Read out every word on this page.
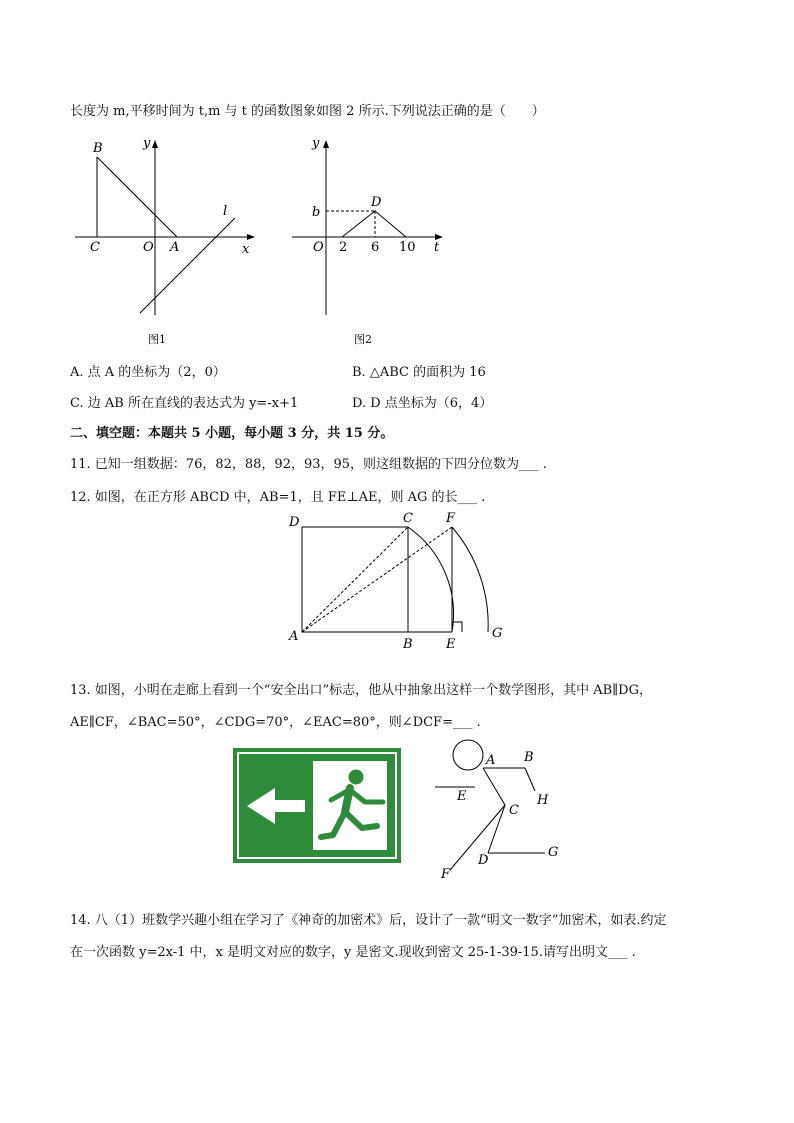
长度为 m,平移时间为 t,m 与 t 的函数图象如图 2 所示.下列说法正确的是（　　）
B
C	O A	x
y
l
图1
y
b
D
O 2 6 10 t
图2
A. 点 A 的坐标为（2，0）	B. △ABC 的面积为 16
C. 边 AB 所在直线的表达式为 y=-x+1	D. D 点坐标为（6，4）
二、填空题：本题共 5 小题，每小题 3 分，共 15 分。
11. 已知一组数据：76，82，88，92，93，95，则这组数据的下四分位数为___ .
12. 如图，在正方形 ABCD 中，AB=1，且 FE⊥AE，则 AG 的长___ .
D	C	F
A
B	E
G
13. 如图，小明在走廊上看到一个“安全出口”标志，他从中抽象出这样一个数学图形，其中 AB∥DG，
AE∥CF，∠BAC=50°，∠CDG=70°，∠EAC=80°，则∠DCF=___ .
A B
H
E
C
D
G
F
14. 八（1）班数学兴趣小组在学习了《神奇的加密术》后，设计了一款“明文一数字”加密术，如表.约定
在一次函数 y=2x-1 中，x 是明文对应的数字，y 是密文.现收到密文 25-1-39-15.请写出明文___ .
